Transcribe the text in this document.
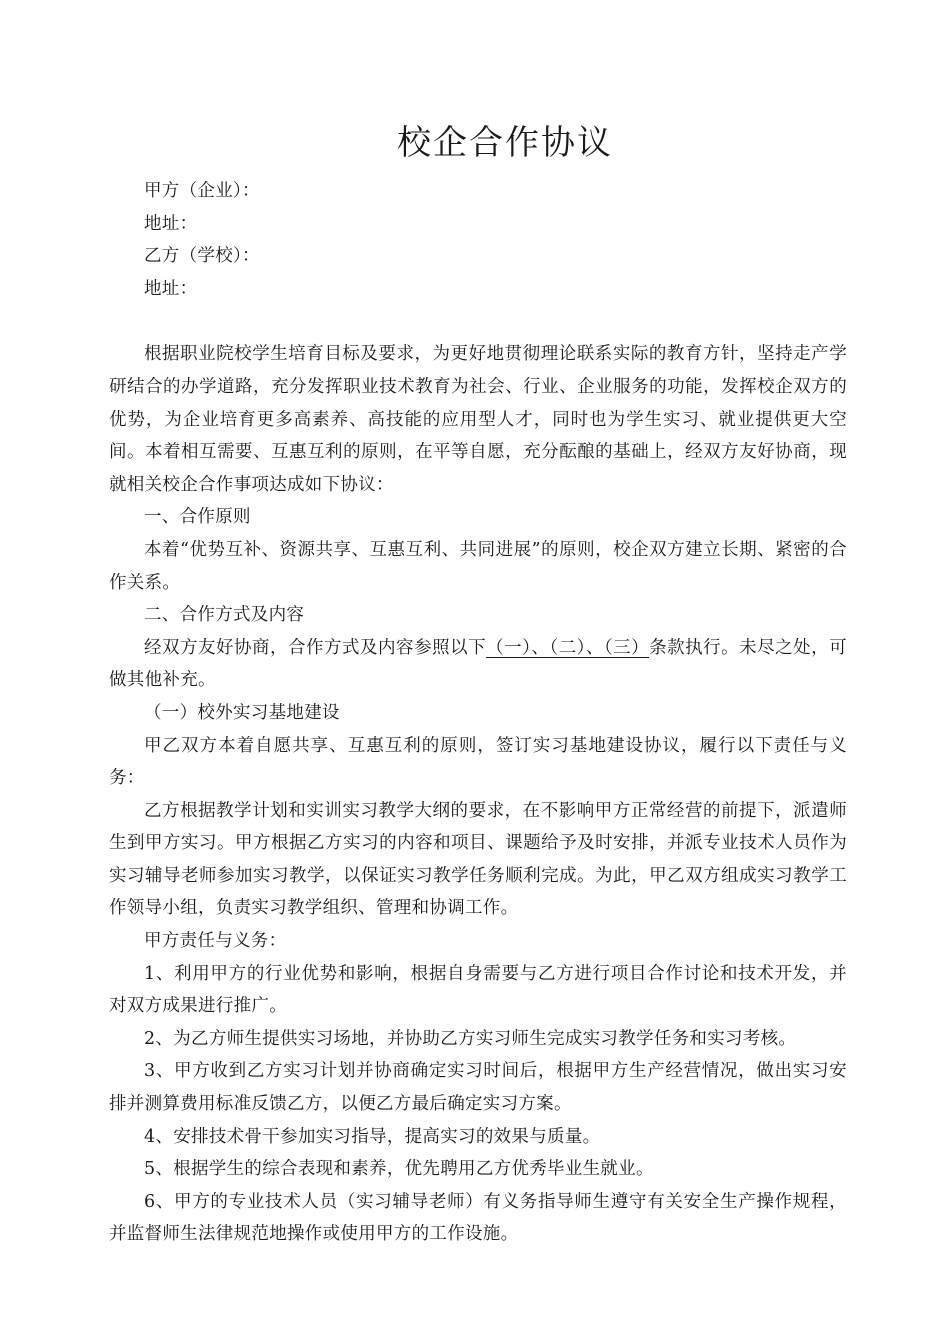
校企合作协议

甲方（企业）：

地址：

乙方（学校）：

地址：

根据职业院校学生培育目标及要求，为更好地贯彻理论联系实际的教育方针，坚持走产学研结合的办学道路，充分发挥职业技术教育为社会、行业、企业服务的功能，发挥校企双方的优势，为企业培育更多高素养、高技能的应用型人才，同时也为学生实习、就业提供更大空间。本着相互需要、互惠互利的原则，在平等自愿，充分酝酿的基础上，经双方友好协商，现就相关校企合作事项达成如下协议：

一、合作原则

本着“优势互补、资源共享、互惠互利、共同进展”的原则，校企双方建立长期、紧密的合作关系。

二、合作方式及内容

经双方友好协商，合作方式及内容参照以下（一）、（二）、（三）条款执行。未尽之处，可做其他补充。

（一）校外实习基地建设

甲乙双方本着自愿共享、互惠互利的原则，签订实习基地建设协议，履行以下责任与义务：

乙方根据教学计划和实训实习教学大纲的要求，在不影响甲方正常经营的前提下，派遣师生到甲方实习。甲方根据乙方实习的内容和项目、课题给予及时安排，并派专业技术人员作为实习辅导老师参加实习教学，以保证实习教学任务顺利完成。为此，甲乙双方组成实习教学工作领导小组，负责实习教学组织、管理和协调工作。

甲方责任与义务：

1、利用甲方的行业优势和影响，根据自身需要与乙方进行项目合作讨论和技术开发，并对双方成果进行推广。

2、为乙方师生提供实习场地，并协助乙方实习师生完成实习教学任务和实习考核。

3、甲方收到乙方实习计划并协商确定实习时间后，根据甲方生产经营情况，做出实习安排并测算费用标准反馈乙方，以便乙方最后确定实习方案。

4、安排技术骨干参加实习指导，提高实习的效果与质量。

5、根据学生的综合表现和素养，优先聘用乙方优秀毕业生就业。

6、甲方的专业技术人员（实习辅导老师）有义务指导师生遵守有关安全生产操作规程，并监督师生法律规范地操作或使用甲方的工作设施。
